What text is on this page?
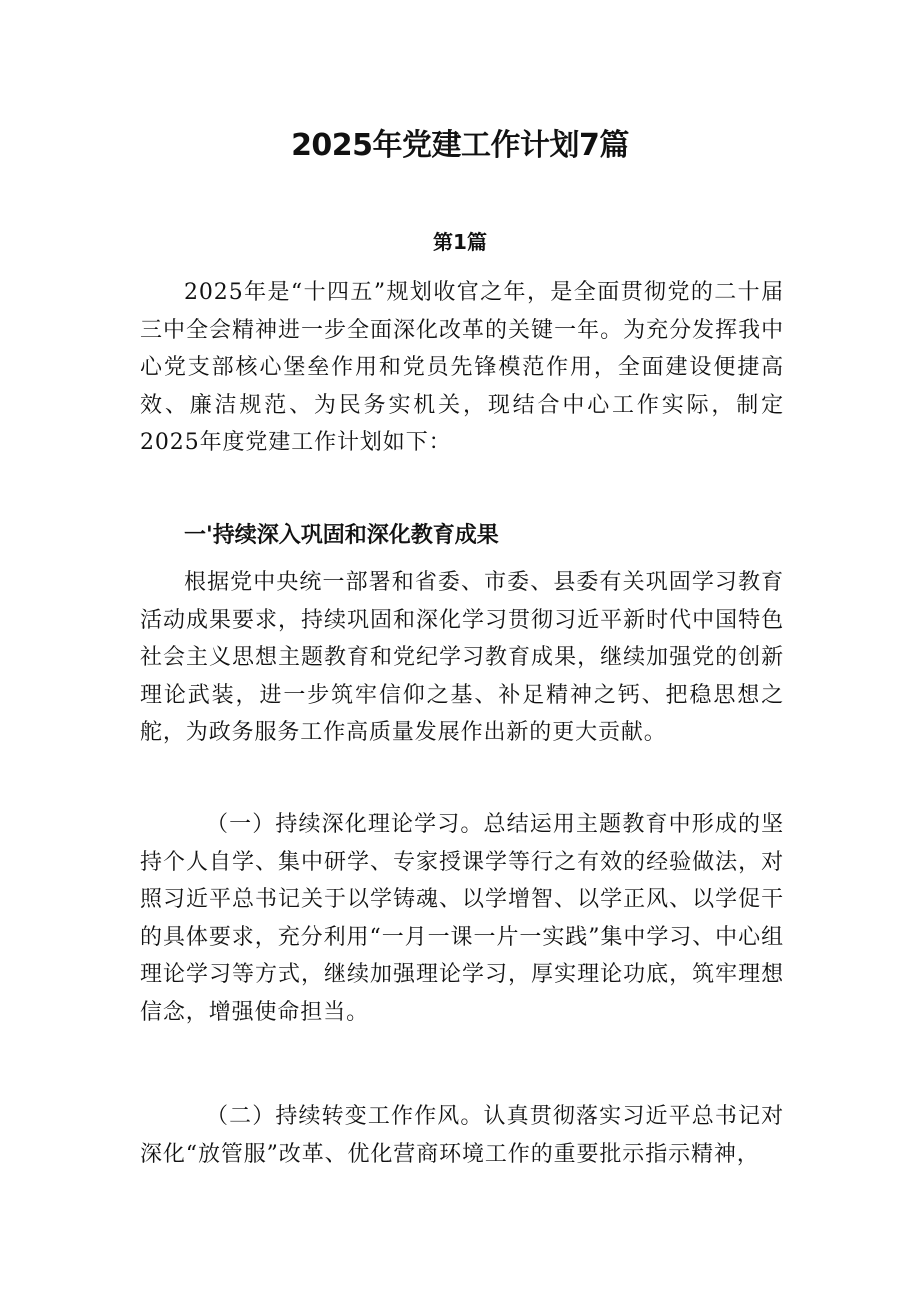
2025年党建工作计划7篇
第1篇

2025年是“十四五”规划收官之年，是全面贯彻党的二十届三中全会精神进一步全面深化改革的关键一年。为充分发挥我中心党支部核心堡垒作用和党员先锋模范作用，全面建设便捷高效、廉洁规范、为民务实机关，现结合中心工作实际，制定2025年度党建工作计划如下：

一'持续深入巩固和深化教育成果

根据党中央统一部署和省委、市委、县委有关巩固学习教育活动成果要求，持续巩固和深化学习贯彻习近平新时代中国特色社会主义思想主题教育和党纪学习教育成果，继续加强党的创新理论武装，进一步筑牢信仰之基、补足精神之钙、把稳思想之舵，为政务服务工作高质量发展作出新的更大贡献。

（一）持续深化理论学习。总结运用主题教育中形成的坚持个人自学、集中研学、专家授课学等行之有效的经验做法，对照习近平总书记关于以学铸魂、以学增智、以学正风、以学促干的具体要求，充分利用“一月一课一片一实践”集中学习、中心组理论学习等方式，继续加强理论学习，厚实理论功底，筑牢理想信念，增强使命担当。

（二）持续转变工作作风。认真贯彻落实习近平总书记对深化“放管服”改革、优化营商环境工作的重要批示指示精神，
